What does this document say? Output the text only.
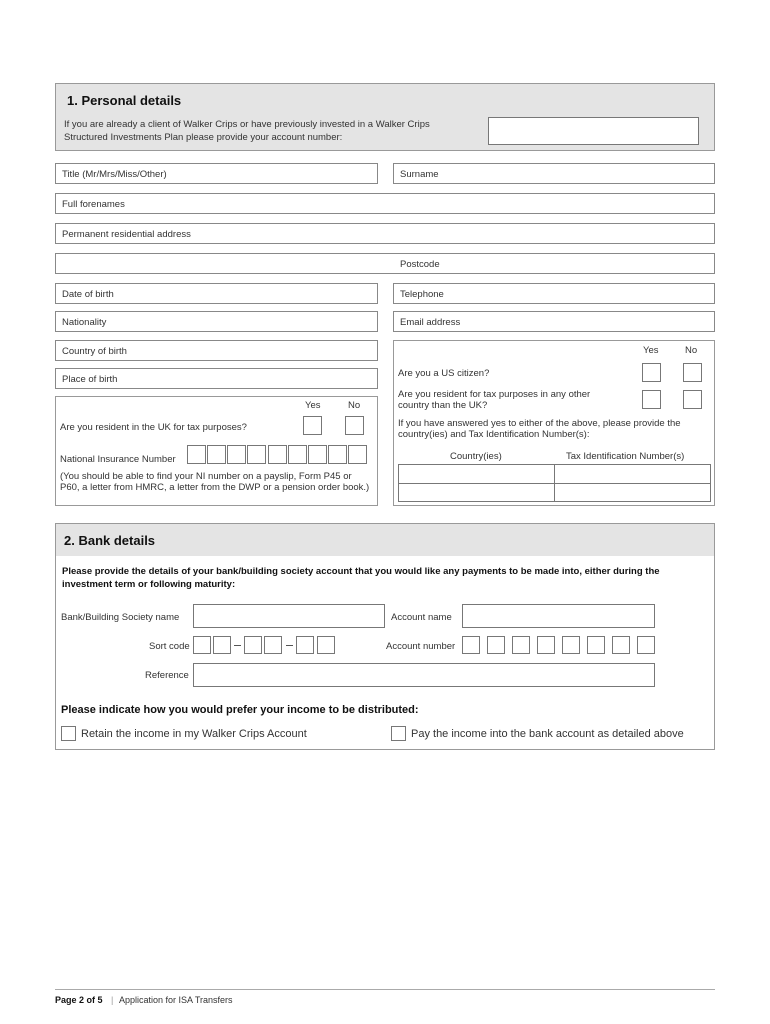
1. Personal details
If you are already a client of Walker Crips or have previously invested in a Walker Crips
Structured Investments Plan please provide your account number:
Title (Mr/Mrs/Miss/Other)	Surname
Full forenames
Permanent residential address
Postcode
Date of birth	Telephone
Nationality	Email address
Country of birth
Place of birth
Yes	No
Are you resident in the UK for tax purposes?
National Insurance Number
(You should be able to find your NI number on a payslip, Form P45 or P60, a letter from HMRC, a letter from the DWP or a pension order book.)
Yes	No
Are you a US citizen?
Are you resident for tax purposes in any other country than the UK?
If you have answered yes to either of the above, please provide the country(ies) and Tax Identification Number(s):
Country(ies)	Tax Identification Number(s)
2. Bank details
Please provide the details of your bank/building society account that you would like any payments to be made into, either during the investment term or following maturity:
Bank/Building Society name	Account name
Sort code	Account number
Reference
Please indicate how you would prefer your income to be distributed:
Retain the income in my Walker Crips Account	Pay the income into the bank account as detailed above
Page 2 of 5 | Application for ISA Transfers
